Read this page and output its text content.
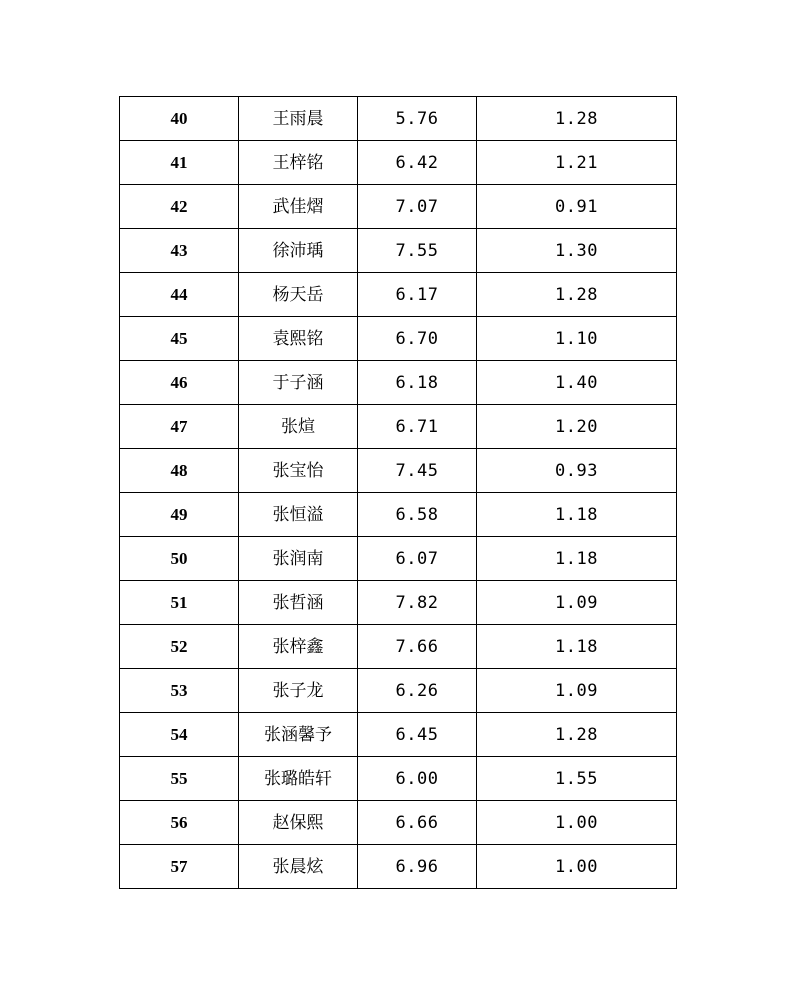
40	王雨晨	5.76	1.28
41	王梓铭	6.42	1.21
42	武佳熠	7.07	0.91
43	徐沛瑀	7.55	1.30
44	杨天岳	6.17	1.28
45	袁熙铭	6.70	1.10
46	于子涵	6.18	1.40
47	张煊	6.71	1.20
48	张宝怡	7.45	0.93
49	张恒溢	6.58	1.18
50	张润南	6.07	1.18
51	张哲涵	7.82	1.09
52	张梓鑫	7.66	1.18
53	张子龙	6.26	1.09
54	张涵馨予	6.45	1.28
55	张璐皓轩	6.00	1.55
56	赵保熙	6.66	1.00
57	张晨炫	6.96	1.00
